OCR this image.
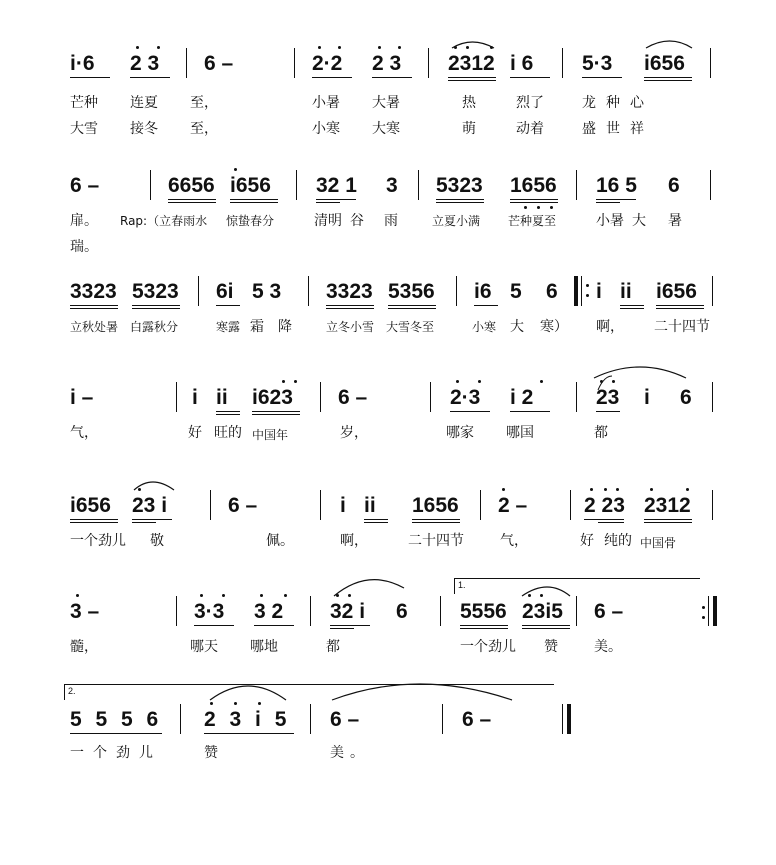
i·6 2 3 6 –	2·2 2 3 2312 i 6 5·3 i656
芒种 连夏 至，	小暑 大暑	热	烈了	龙种心
大雪 接冬 至，	小寒 大寒	萌	动着	盛世祥
6 –	6656 i656 32 1 3 5323 1656 16 5 6
扉。 Rap:（立春雨水 惊蛰春分	清明 谷 雨	立夏小满 芒种夏至	小暑 大 暑
瑞。
3323 5323 6i 5 3 3323 5356 i6 5 6 i ii i656
立秋处暑 白露秋分	寒露 霜 降	立冬小雪 大雪冬至	小寒 大 寒） 啊， 二十四节
i –	i ii i623 6 –	2·3 i 2	23 i 6
气，	好 旺的 中国年	岁，	哪家 哪国	都
i656 23 i	6 –	i ii 1656 2 –	2 23 2312
一个劲儿 敬	佩。	啊，	二十四节	气，	好 纯的 中国骨
1.
3 –	3·3 3 2 32 i 6 5556 23i5 6 –
髓，	哪天 哪地	都	一个劲儿 赞	美。
2.
5 5 5 6 2 3 i 5 6 –	6 –
一个劲儿	赞	美。
